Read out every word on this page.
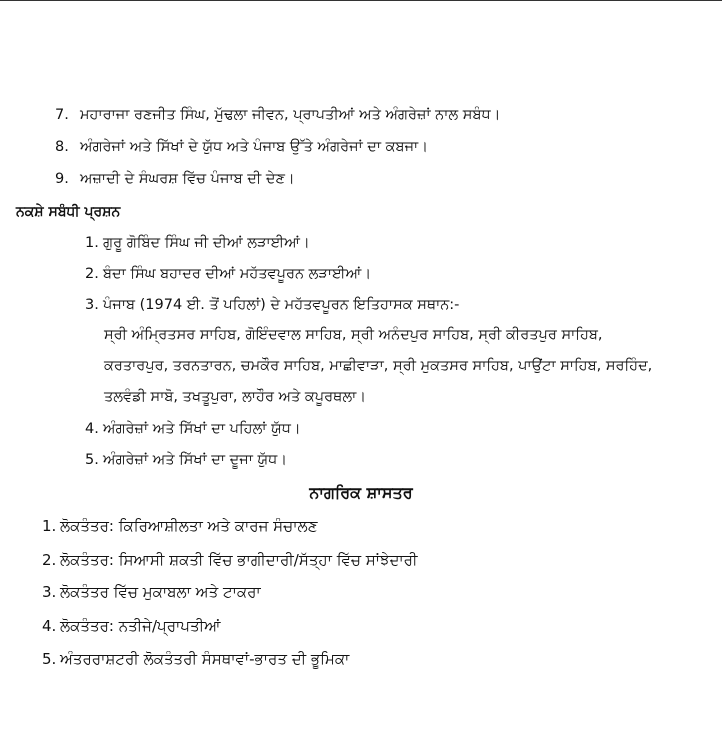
7. ਮਹਾਰਾਜਾ ਰਣਜੀਤ ਸਿੰਘ, ਮੁੱਢਲਾ ਜੀਵਨ, ਪ੍ਰਾਪਤੀਆਂ ਅਤੇ ਅੰਗਰੇਜ਼ਾਂ ਨਾਲ ਸਬੰਧ।
8. ਅੰਗਰੇਜਾਂ ਅਤੇ ਸਿੱਖਾਂ ਦੇ ਯੁੱਧ ਅਤੇ ਪੰਜਾਬ ਉੱਤੇ ਅੰਗਰੇਜਾਂ ਦਾ ਕਬਜਾ।
9. ਅਜ਼ਾਦੀ ਦੇ ਸੰਘਰਸ਼ ਵਿੱਚ ਪੰਜਾਬ ਦੀ ਦੇਣ।
ਨਕਸ਼ੇ ਸਬੰਧੀ ਪ੍ਰਸ਼ਨ
1. ਗੁਰੂ ਗੋਬਿੰਦ ਸਿੰਘ ਜੀ ਦੀਆਂ ਲੜਾਈਆਂ।
2. ਬੰਦਾ ਸਿੰਘ ਬਹਾਦਰ ਦੀਆਂ ਮਹੱਤਵਪੂਰਨ ਲੜਾਈਆਂ।
3. ਪੰਜਾਬ (1974 ਈ. ਤੋਂ ਪਹਿਲਾਂ) ਦੇ ਮਹੱਤਵਪੂਰਨ ਇਤਿਹਾਸਕ ਸਥਾਨ:-
ਸ੍ਰੀ ਅੰਮ੍ਰਿਤਸਰ ਸਾਹਿਬ, ਗੋਇੰਦਵਾਲ ਸਾਹਿਬ, ਸ੍ਰੀ ਅਨੰਦਪੁਰ ਸਾਹਿਬ, ਸ੍ਰੀ ਕੀਰਤਪੁਰ ਸਾਹਿਬ, ਕਰਤਾਰਪੁਰ, ਤਰਨਤਾਰਨ, ਚਮਕੌਰ ਸਾਹਿਬ, ਮਾਛੀਵਾੜਾ, ਸ੍ਰੀ ਮੁਕਤਸਰ ਸਾਹਿਬ, ਪਾਉਂਟਾ ਸਾਹਿਬ, ਸਰਹਿੰਦ, ਤਲਵੰਡੀ ਸਾਬੋ, ਤਖਤੂਪੁਰਾ, ਲਾਹੌਰ ਅਤੇ ਕਪੂਰਥਲਾ।
4. ਅੰਗਰੇਜ਼ਾਂ ਅਤੇ ਸਿੱਖਾਂ ਦਾ ਪਹਿਲਾਂ ਯੁੱਧ।
5. ਅੰਗਰੇਜ਼ਾਂ ਅਤੇ ਸਿੱਖਾਂ ਦਾ ਦੂਜਾ ਯੁੱਧ।
ਨਾਗਰਿਕ ਸ਼ਾਸਤਰ
1. ਲੋਕਤੰਤਰ: ਕਿਰਿਆਸ਼ੀਲਤਾ ਅਤੇ ਕਾਰਜ ਸੰਚਾਲਣ
2. ਲੋਕਤੰਤਰ: ਸਿਆਸੀ ਸ਼ਕਤੀ ਵਿੱਚ ਭਾਗੀਦਾਰੀ/ਸੱਤ੍ਹਾ ਵਿੱਚ ਸਾਂਝੇਦਾਰੀ
3. ਲੋਕਤੰਤਰ ਵਿੱਚ ਮੁਕਾਬਲਾ ਅਤੇ ਟਾਕਰਾ
4. ਲੋਕਤੰਤਰ: ਨਤੀਜੇ/ਪ੍ਰਾਪਤੀਆਂ
5. ਅੰਤਰਰਾਸ਼ਟਰੀ ਲੋਕਤੰਤਰੀ ਸੰਸਥਾਵਾਂ-ਭਾਰਤ ਦੀ ਭੂਮਿਕਾ
